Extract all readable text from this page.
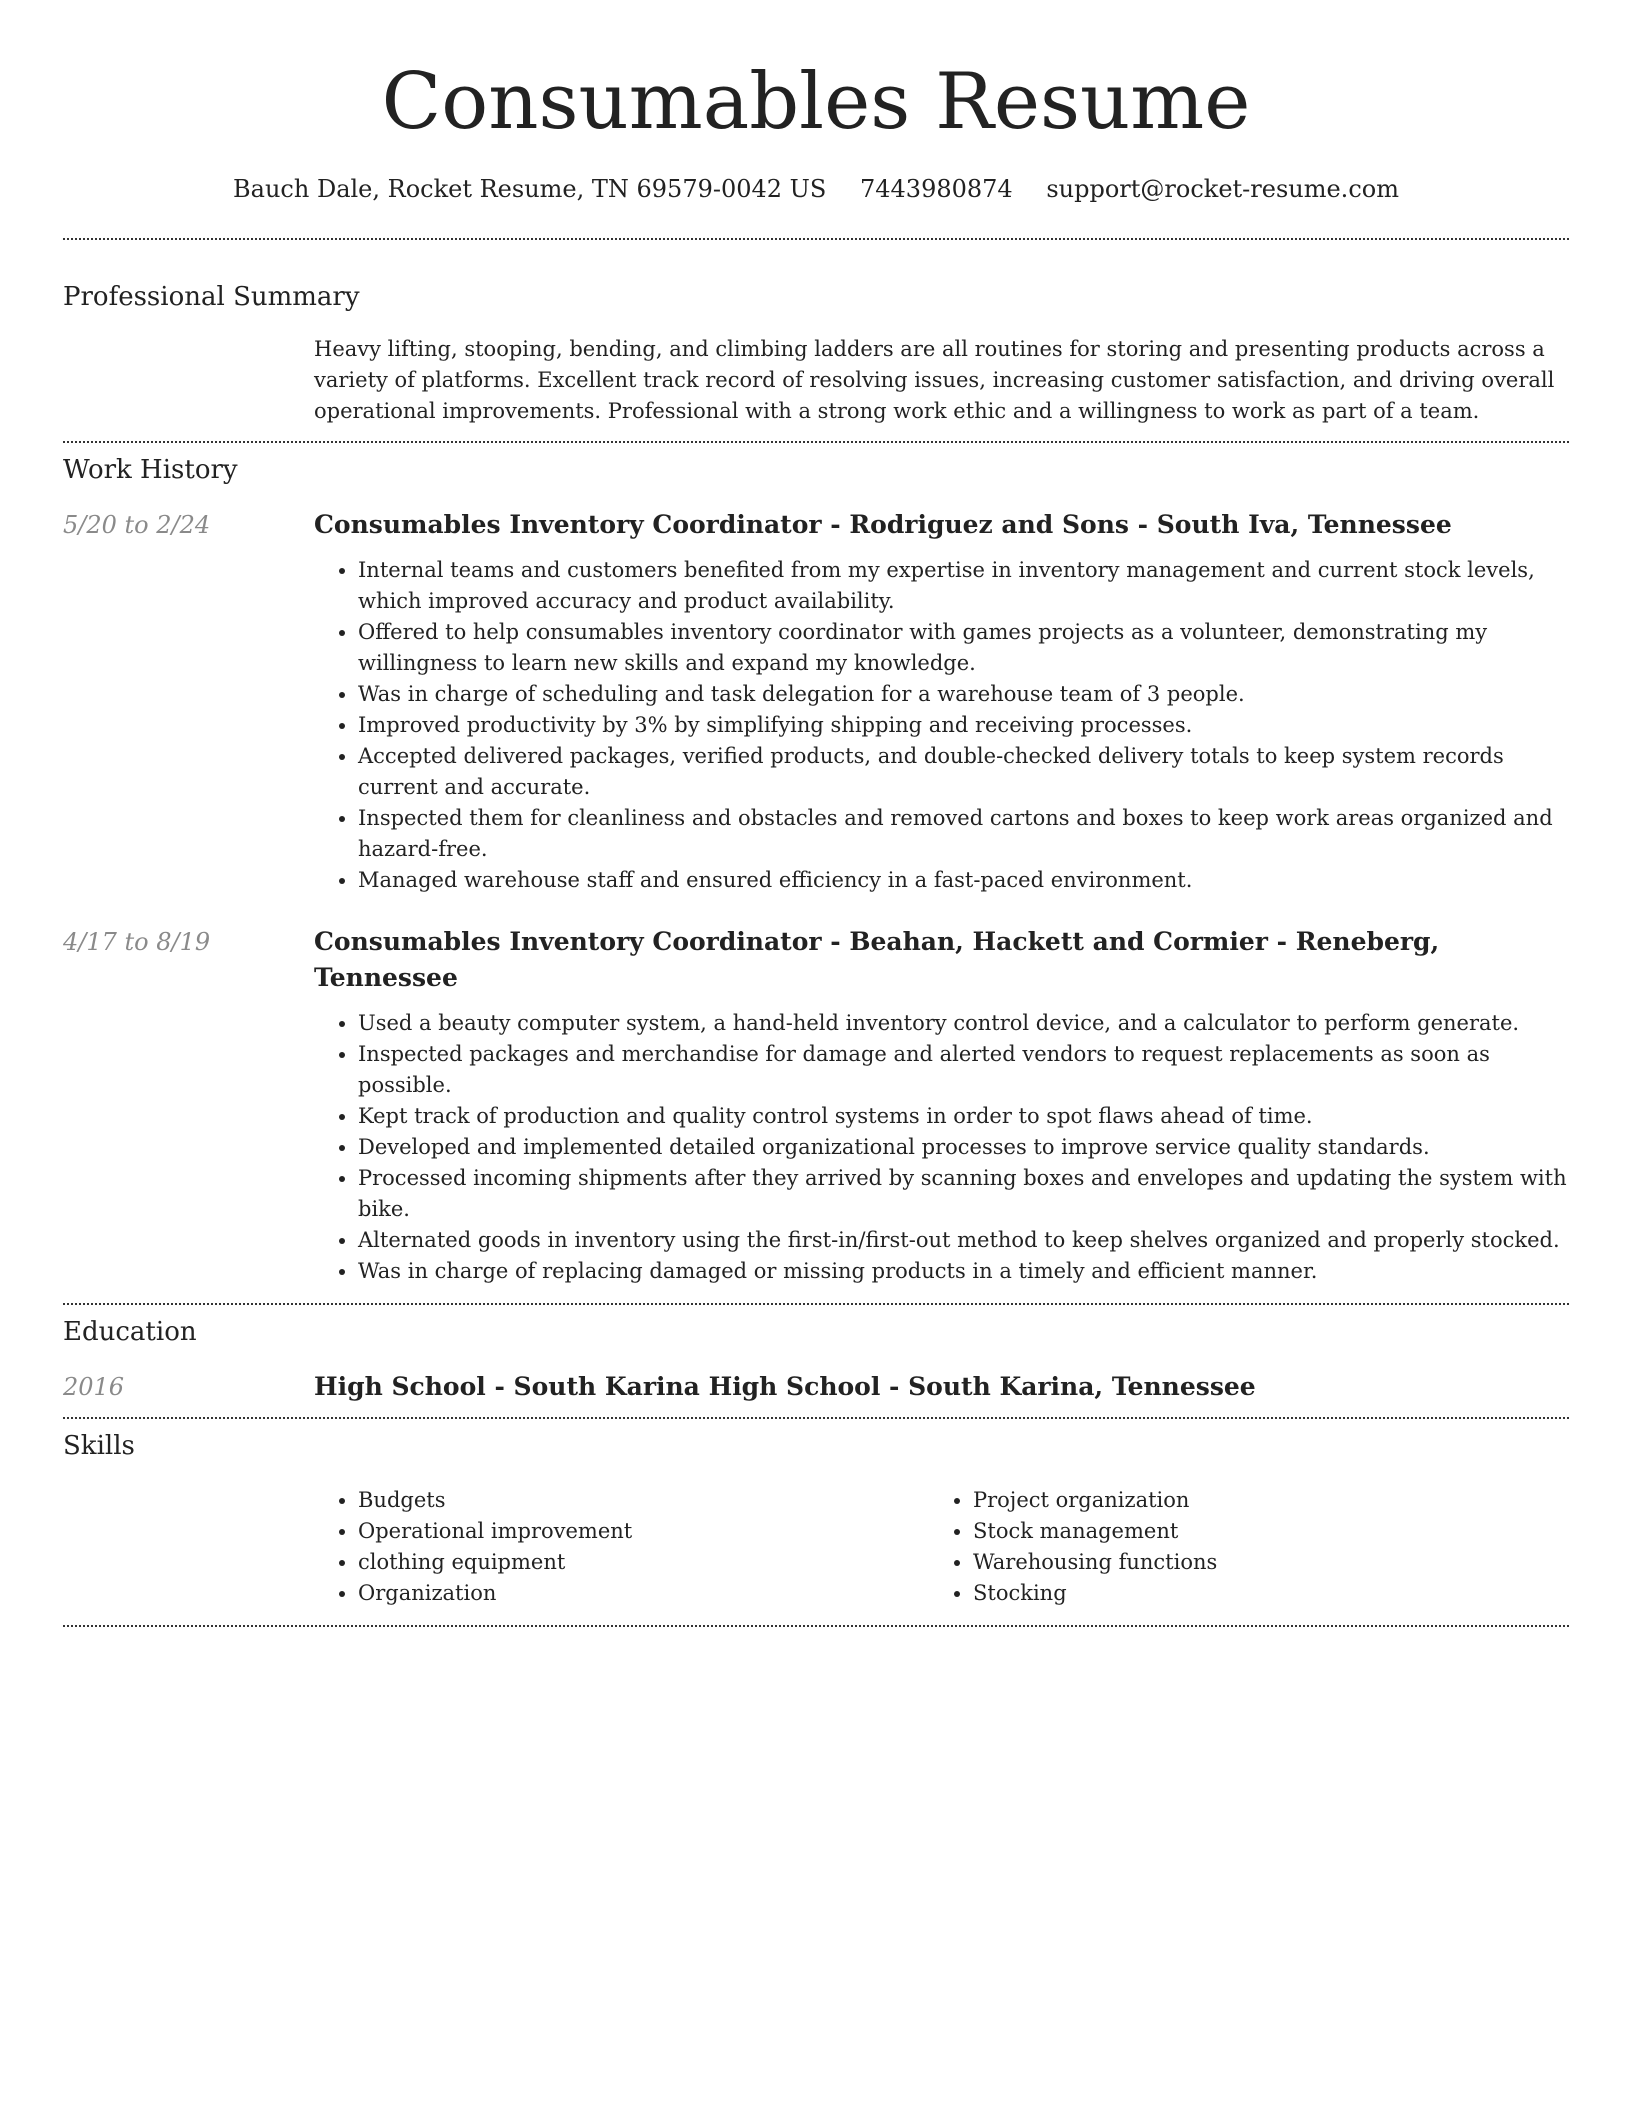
Consumables Resume
Bauch Dale, Rocket Resume, TN 69579-0042 US 7443980874 support@rocket-resume.com
Professional Summary

Heavy lifting, stooping, bending, and climbing ladders are all routines for storing and presenting products across a variety of platforms. Excellent track record of resolving issues, increasing customer satisfaction, and driving overall operational improvements. Professional with a strong work ethic and a willingness to work as part of a team.

Work History
5/20 to 2/24	Consumables Inventory Coordinator - Rodriguez and Sons - South Iva, Tennessee
• Internal teams and customers benefited from my expertise in inventory management and current stock levels, which improved accuracy and product availability.
• Offered to help consumables inventory coordinator with games projects as a volunteer, demonstrating my willingness to learn new skills and expand my knowledge.
• Was in charge of scheduling and task delegation for a warehouse team of 3 people.
• Improved productivity by 3% by simplifying shipping and receiving processes.
• Accepted delivered packages, verified products, and double-checked delivery totals to keep system records current and accurate.
• Inspected them for cleanliness and obstacles and removed cartons and boxes to keep work areas organized and hazard-free.
• Managed warehouse staff and ensured efficiency in a fast-paced environment.
4/17 to 8/19	Consumables Inventory Coordinator - Beahan, Hackett and Cormier - Reneberg, Tennessee
• Used a beauty computer system, a hand-held inventory control device, and a calculator to perform generate.
• Inspected packages and merchandise for damage and alerted vendors to request replacements as soon as possible.
• Kept track of production and quality control systems in order to spot flaws ahead of time.
• Developed and implemented detailed organizational processes to improve service quality standards.
• Processed incoming shipments after they arrived by scanning boxes and envelopes and updating the system with bike.
• Alternated goods in inventory using the first-in/first-out method to keep shelves organized and properly stocked.
• Was in charge of replacing damaged or missing products in a timely and efficient manner.
Education
2016	High School - South Karina High School - South Karina, Tennessee
Skills
• Budgets
• Operational improvement
• clothing equipment
• Organization
• Project organization
• Stock management
• Warehousing functions
• Stocking
